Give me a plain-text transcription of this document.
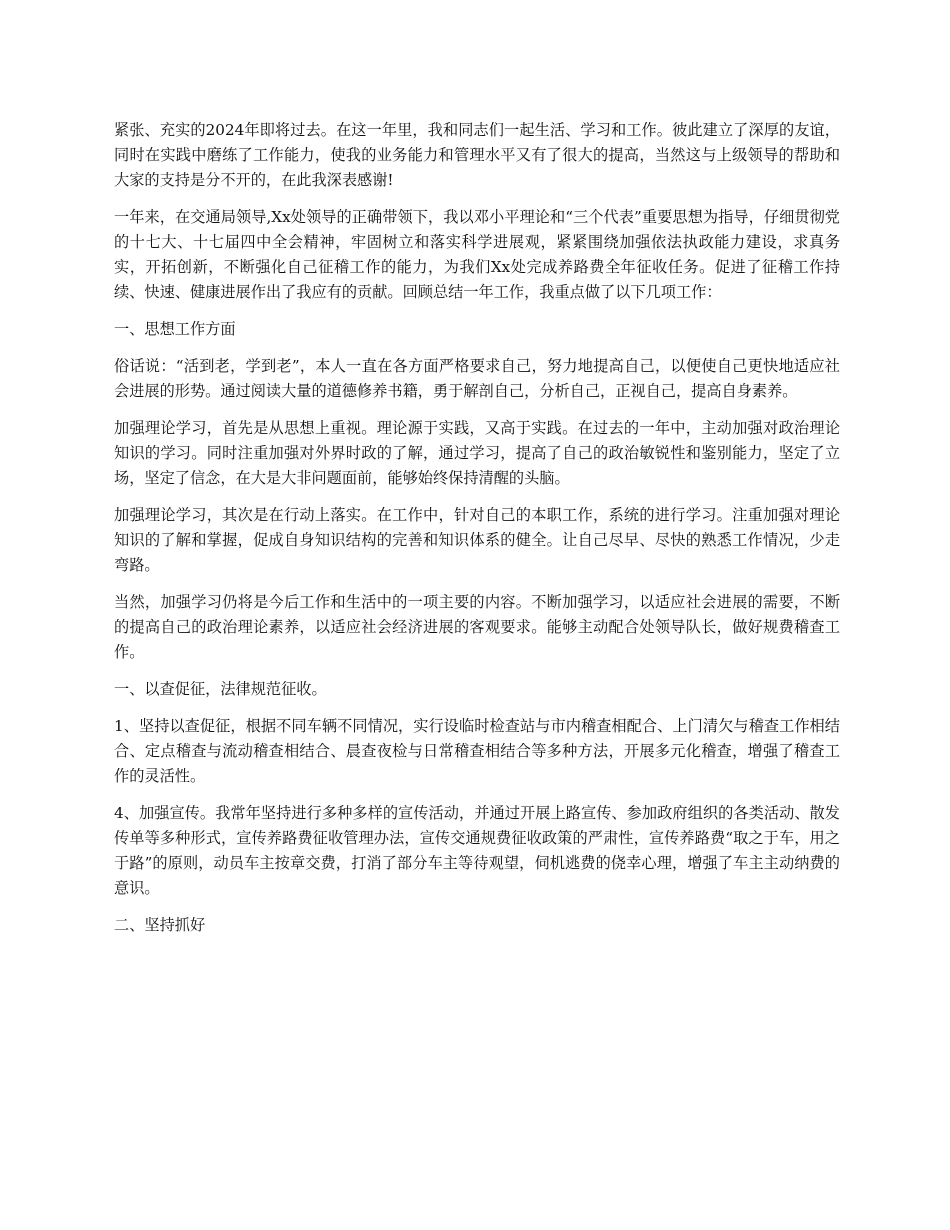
紧张、充实的2024年即将过去。在这一年里，我和同志们一起生活、学习和工作。彼此建立了深厚的友谊，同时在实践中磨练了工作能力，使我的业务能力和管理水平又有了很大的提高，当然这与上级领导的帮助和大家的支持是分不开的，在此我深表感谢!

一年来，在交通局领导,Xx处领导的正确带领下，我以邓小平理论和“三个代表”重要思想为指导，仔细贯彻党的十七大、十七届四中全会精神，牢固树立和落实科学进展观，紧紧围绕加强依法执政能力建设，求真务实，开拓创新，不断强化自己征稽工作的能力，为我们Xx处完成养路费全年征收任务。促进了征稽工作持续、快速、健康进展作出了我应有的贡献。回顾总结一年工作，我重点做了以下几项工作：

一、思想工作方面

俗话说：“活到老，学到老”，本人一直在各方面严格要求自己，努力地提高自己，以便使自己更快地适应社会进展的形势。通过阅读大量的道德修养书籍，勇于解剖自己，分析自己，正视自己，提高自身素养。

加强理论学习，首先是从思想上重视。理论源于实践，又高于实践。在过去的一年中，主动加强对政治理论知识的学习。同时注重加强对外界时政的了解，通过学习，提高了自己的政治敏锐性和鉴别能力，坚定了立场，坚定了信念，在大是大非问题面前，能够始终保持清醒的头脑。

加强理论学习，其次是在行动上落实。在工作中，针对自己的本职工作，系统的进行学习。注重加强对理论知识的了解和掌握，促成自身知识结构的完善和知识体系的健全。让自己尽早、尽快的熟悉工作情况，少走弯路。

当然，加强学习仍将是今后工作和生活中的一项主要的内容。不断加强学习，以适应社会进展的需要，不断的提高自己的政治理论素养，以适应社会经济进展的客观要求。能够主动配合处领导队长，做好规费稽查工作。

一、以查促征，法律规范征收。

1、坚持以查促征，根据不同车辆不同情况，实行设临时检查站与市内稽查相配合、上门清欠与稽查工作相结合、定点稽查与流动稽查相结合、晨查夜检与日常稽查相结合等多种方法，开展多元化稽查，增强了稽查工作的灵活性。

4、加强宣传。我常年坚持进行多种多样的宣传活动，并通过开展上路宣传、参加政府组织的各类活动、散发传单等多种形式，宣传养路费征收管理办法，宣传交通规费征收政策的严肃性，宣传养路费“取之于车，用之于路”的原则，动员车主按章交费，打消了部分车主等待观望，伺机逃费的侥幸心理，增强了车主主动纳费的意识。

二、坚持抓好
